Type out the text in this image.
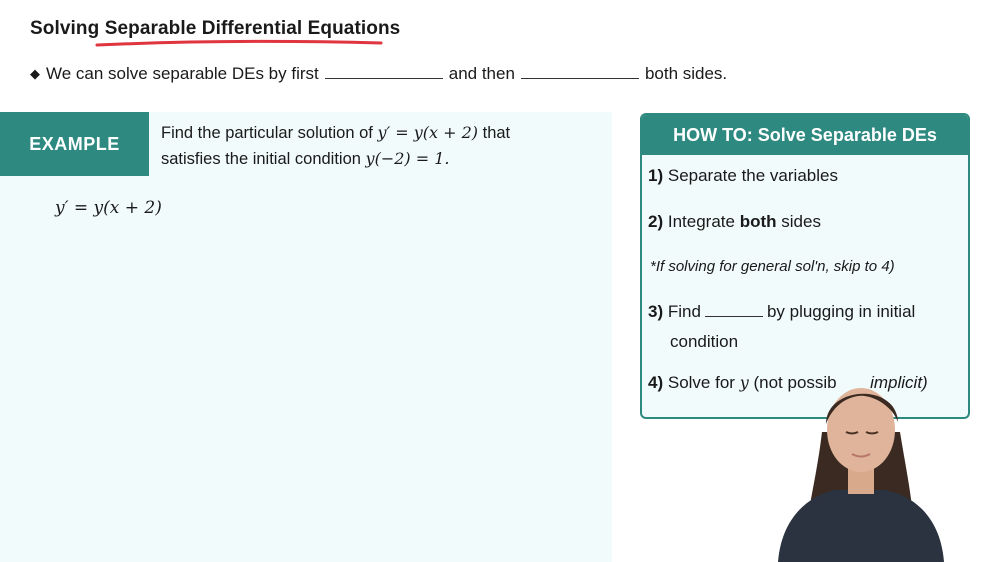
Solving Separable Differential Equations
◆ We can solve separable DEs by first	and then	both sides.
EXAMPLE
Find the particular solution of y′ = y(x + 2) that
satisfies the initial condition y(−2) = 1.
y′ = y(x + 2)
HOW TO: Solve Separable DEs
1) Separate the variables
2) Integrate both sides
*If solving for general sol'n, skip to 4)
3) Find	by plugging in initial
condition
4) Solve for y (not possib implicit)
